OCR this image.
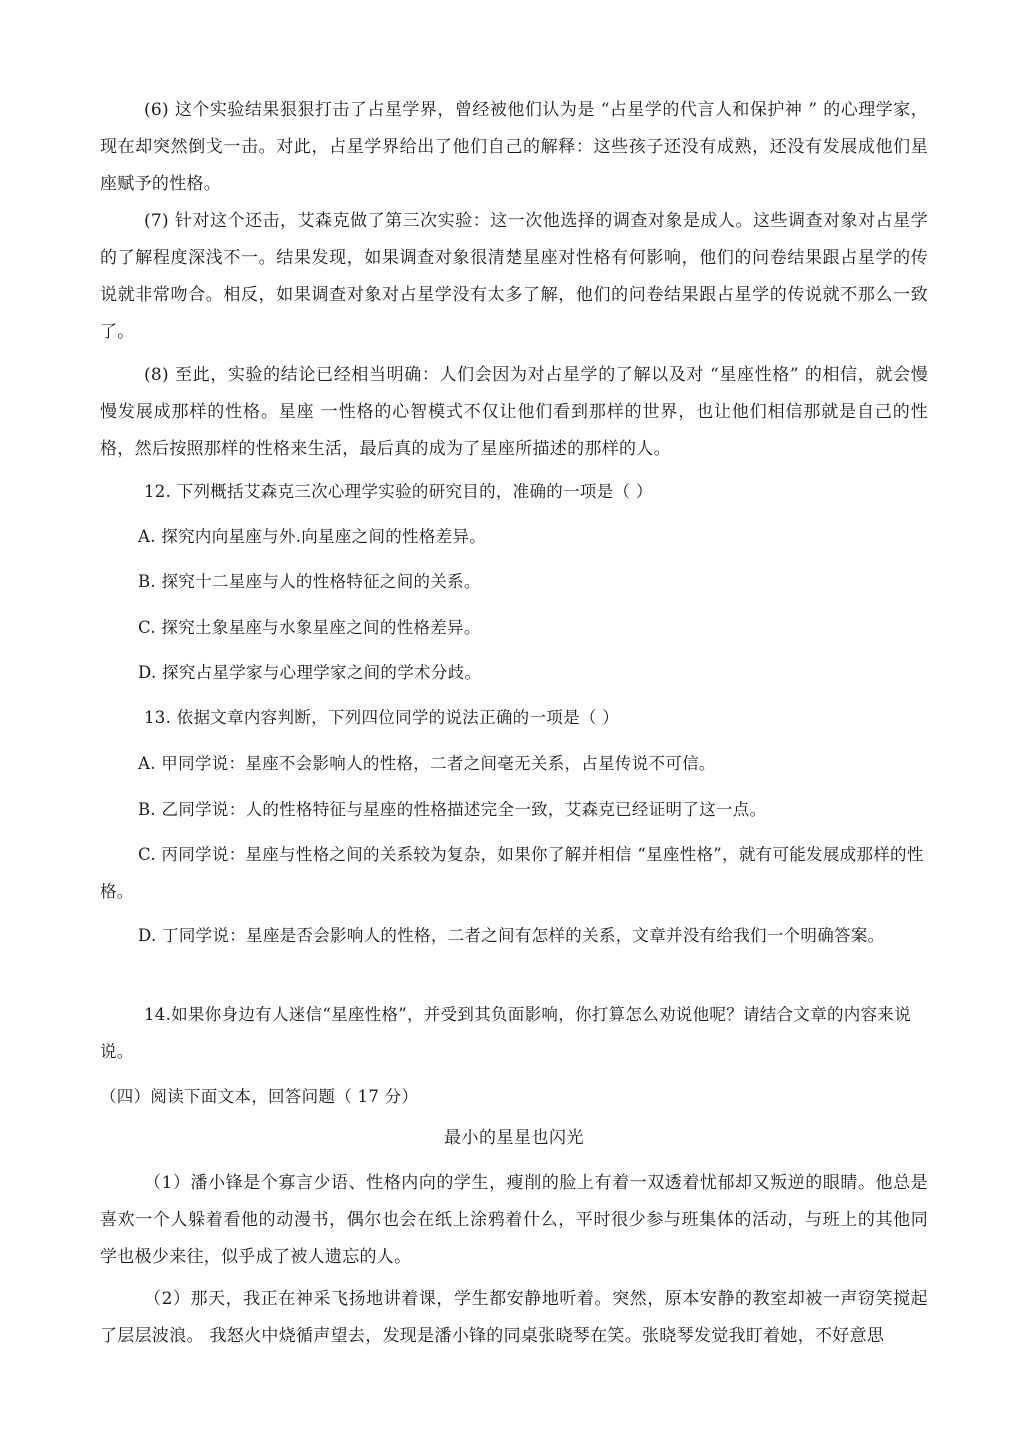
(6) 这个实验结果狠狠打击了占星学界，曾经被他们认为是 “占星学的代言人和保护神 ” 的心理学家，现在却突然倒戈一击。对此，占星学界给出了他们自己的解释：这些孩子还没有成熟，还没有发展成他们星座赋予的性格。
(7) 针对这个还击，艾森克做了第三次实验：这一次他选择的调查对象是成人。这些调查对象对占星学的了解程度深浅不一。结果发现，如果调查对象很清楚星座对性格有何影响，他们的问卷结果跟占星学的传说就非常吻合。相反，如果调查对象对占星学没有太多了解，他们的问卷结果跟占星学的传说就不那么一致了。
(8) 至此，实验的结论已经相当明确：人们会因为对占星学的了解以及对 “星座性格” 的相信，就会慢慢发展成那样的性格。星座 一性格的心智模式不仅让他们看到那样的世界，也让他们相信那就是自己的性格，然后按照那样的性格来生活，最后真的成为了星座所描述的那样的人。
12. 下列概括艾森克三次心理学实验的研究目的，准确的一项是（ ）
A. 探究内向星座与外.向星座之间的性格差异。
B. 探究十二星座与人的性格特征之间的关系。
C. 探究土象星座与水象星座之间的性格差异。
D. 探究占星学家与心理学家之间的学术分歧。
13. 依据文章内容判断，下列四位同学的说法正确的一项是（ ）
A. 甲同学说：星座不会影响人的性格，二者之间毫无关系，占星传说不可信。
B. 乙同学说：人的性格特征与星座的性格描述完全一致，艾森克已经证明了这一点。
C. 丙同学说：星座与性格之间的关系较为复杂，如果你了解并相信 “星座性格”，就有可能发展成那样的性格。
D. 丁同学说：星座是否会影响人的性格，二者之间有怎样的关系，文章并没有给我们一个明确答案。
14.如果你身边有人迷信“星座性格”，并受到其负面影响，你打算怎么劝说他呢？请结合文章的内容来说说。
（四）阅读下面文本，回答问题（ 17 分）
最小的星星也闪光
（1）潘小锋是个寡言少语、性格内向的学生，瘦削的脸上有着一双透着忧郁却又叛逆的眼睛。他总是喜欢一个人躲着看他的动漫书，偶尔也会在纸上涂鸦着什么，平时很少参与班集体的活动，与班上的其他同学也极少来往，似乎成了被人遗忘的人。
（2）那天，我正在神采飞扬地讲着课，学生都安静地听着。突然，原本安静的教室却被一声窃笑搅起了层层波浪。 我怒火中烧循声望去，发现是潘小锋的同桌张晓琴在笑。张晓琴发觉我盯着她，不好意思
